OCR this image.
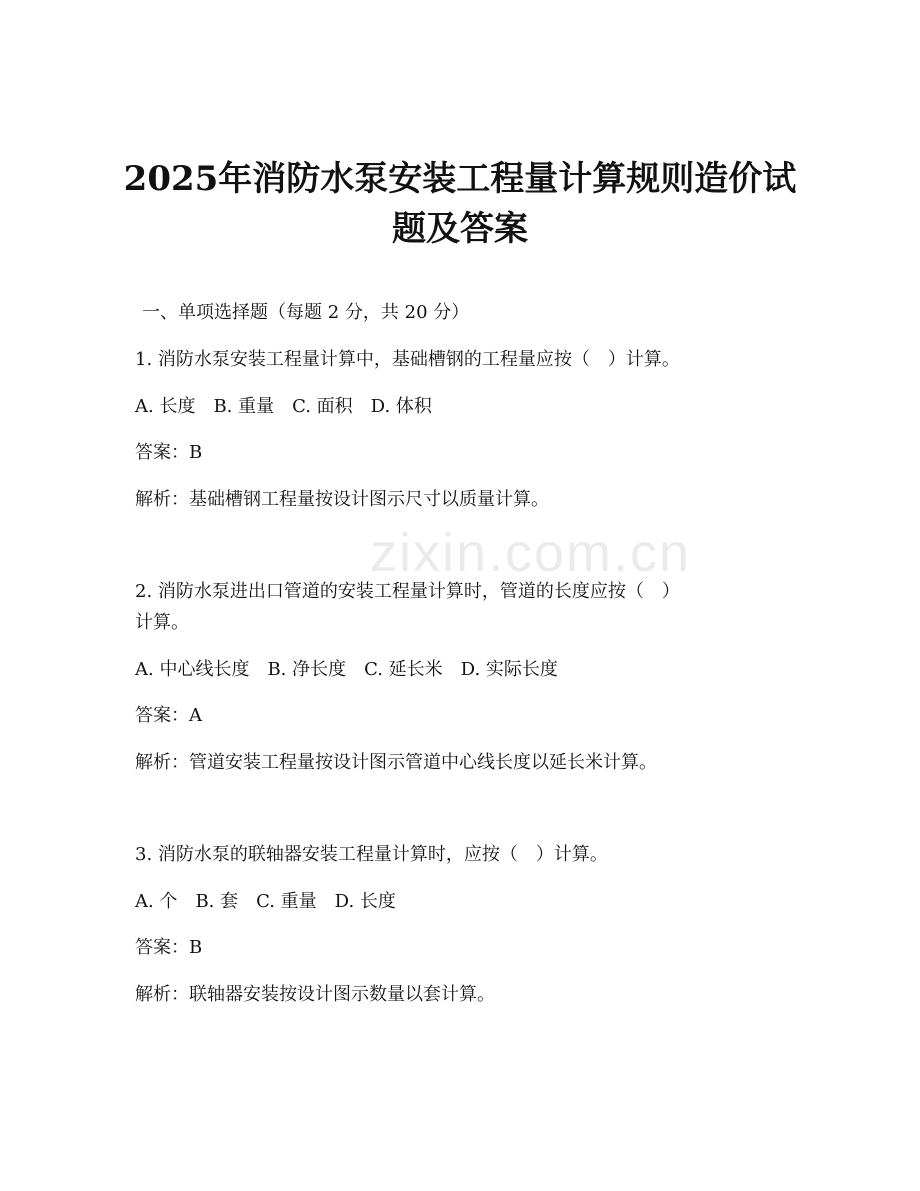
zixin.com.cn
2025年消防水泵安装工程量计算规则造价试
题及答案
一、单项选择题（每题 2 分，共 20 分）
1. 消防水泵安装工程量计算中，基础槽钢的工程量应按（　）计算。
A. 长度　B. 重量　C. 面积　D. 体积
答案：B
解析：基础槽钢工程量按设计图示尺寸以质量计算。
2. 消防水泵进出口管道的安装工程量计算时，管道的长度应按（　）
计算。
A. 中心线长度　B. 净长度　C. 延长米　D. 实际长度
答案：A
解析：管道安装工程量按设计图示管道中心线长度以延长米计算。
3. 消防水泵的联轴器安装工程量计算时，应按（　）计算。
A. 个　B. 套　C. 重量　D. 长度
答案：B
解析：联轴器安装按设计图示数量以套计算。
